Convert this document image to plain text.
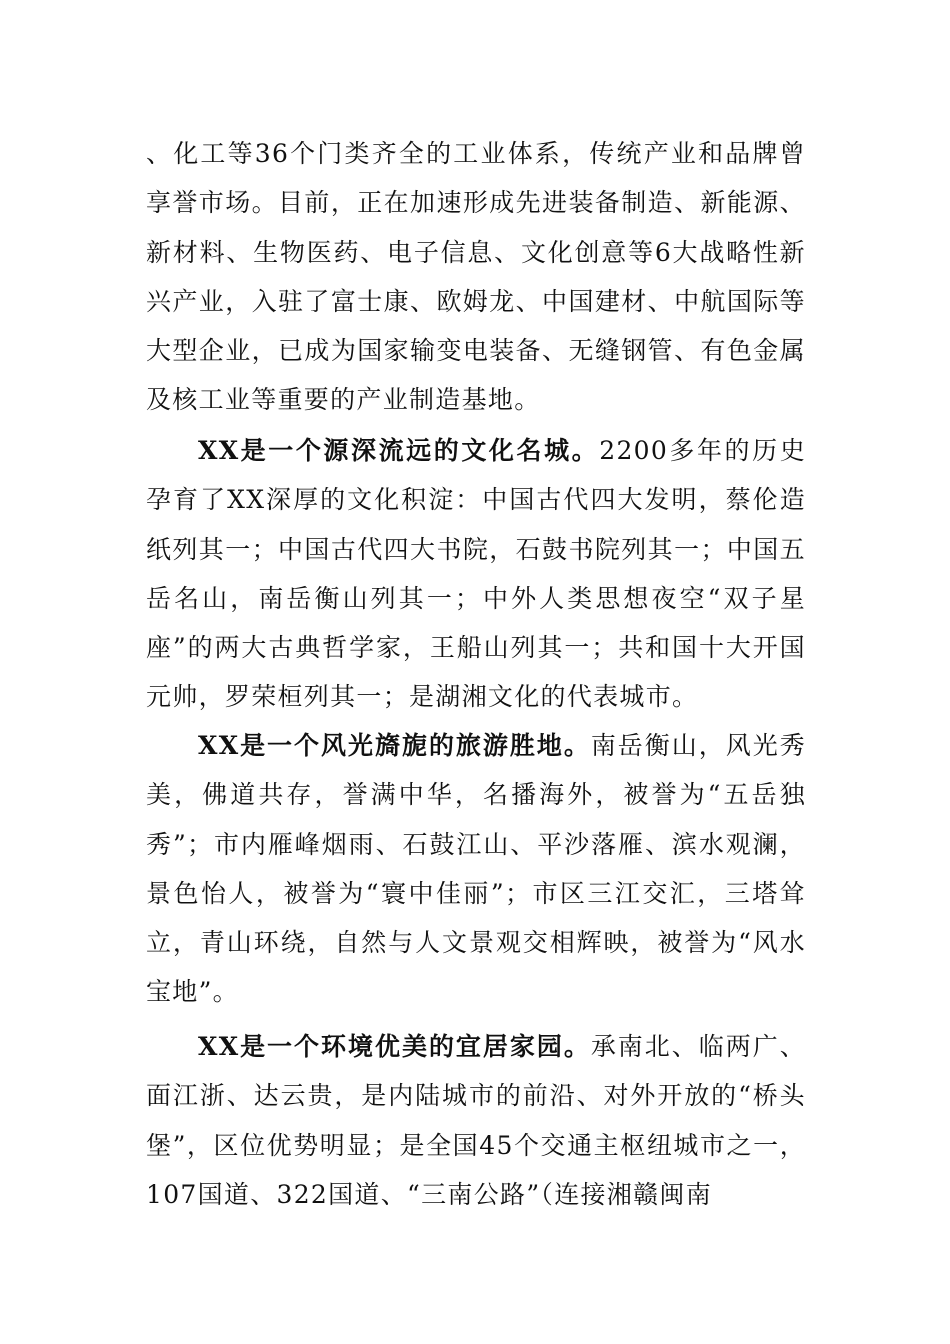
、化工等36个门类齐全的工业体系，传统产业和品牌曾享誉市场。目前，正在加速形成先进装备制造、新能源、新材料、生物医药、电子信息、文化创意等6大战略性新兴产业，入驻了富士康、欧姆龙、中国建材、中航国际等大型企业，已成为国家输变电装备、无缝钢管、有色金属及核工业等重要的产业制造基地。

XX是一个源深流远的文化名城。2200多年的历史孕育了XX深厚的文化积淀：中国古代四大发明，蔡伦造纸列其一；中国古代四大书院，石鼓书院列其一；中国五岳名山，南岳衡山列其一；中外人类思想夜空“双子星座”的两大古典哲学家，王船山列其一；共和国十大开国元帅，罗荣桓列其一；是湖湘文化的代表城市。

XX是一个风光旖旎的旅游胜地。南岳衡山，风光秀美，佛道共存，誉满中华，名播海外，被誉为“五岳独秀”；市内雁峰烟雨、石鼓江山、平沙落雁、滨水观澜，景色怡人，被誉为“寰中佳丽”；市区三江交汇，三塔耸立，青山环绕，自然与人文景观交相辉映，被誉为“风水宝地”。

XX是一个环境优美的宜居家园。承南北、临两广、面江浙、达云贵，是内陆城市的前沿、对外开放的“桥头堡”，区位优势明显；是全国45个交通主枢纽城市之一，107国道、322国道、“三南公路”（连接湘赣闽南
